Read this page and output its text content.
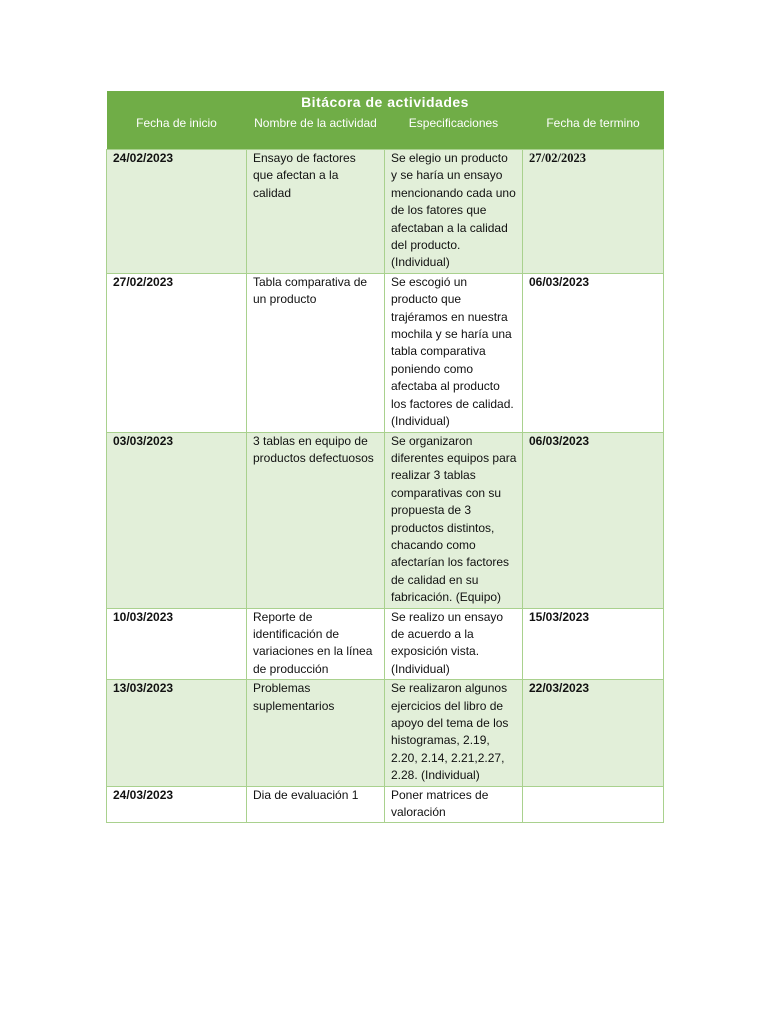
Bitácora de actividades			
Fecha de inicio	Nombre de la actividad	Especificaciones	Fecha de termino
24/02/2023	Ensayo de factores que afectan a la calidad	Se elegio un producto y se haría un ensayo mencionando cada uno de los fatores que afectaban a la calidad del producto. (Individual)	27/02/2023
27/02/2023	Tabla comparativa de un producto	Se escogió un producto que trajéramos en nuestra mochila y se haría una tabla comparativa poniendo como afectaba al producto los factores de calidad. (Individual)	06/03/2023
03/03/2023	3 tablas en equipo de productos defectuosos	Se organizaron diferentes equipos para realizar 3 tablas comparativas con su propuesta de 3 productos distintos, chacando como afectarían los factores de calidad en su fabricación. (Equipo)	06/03/2023
10/03/2023	Reporte de identificación de variaciones en la línea de producción	Se realizo un ensayo de acuerdo a la exposición vista. (Individual)	15/03/2023
13/03/2023	Problemas suplementarios	Se realizaron algunos ejercicios del libro de apoyo del tema de los histogramas, 2.19, 2.20, 2.14, 2.21,2.27, 2.28. (Individual)	22/03/2023
24/03/2023	Dia de evaluación 1	Poner matrices de valoración	
